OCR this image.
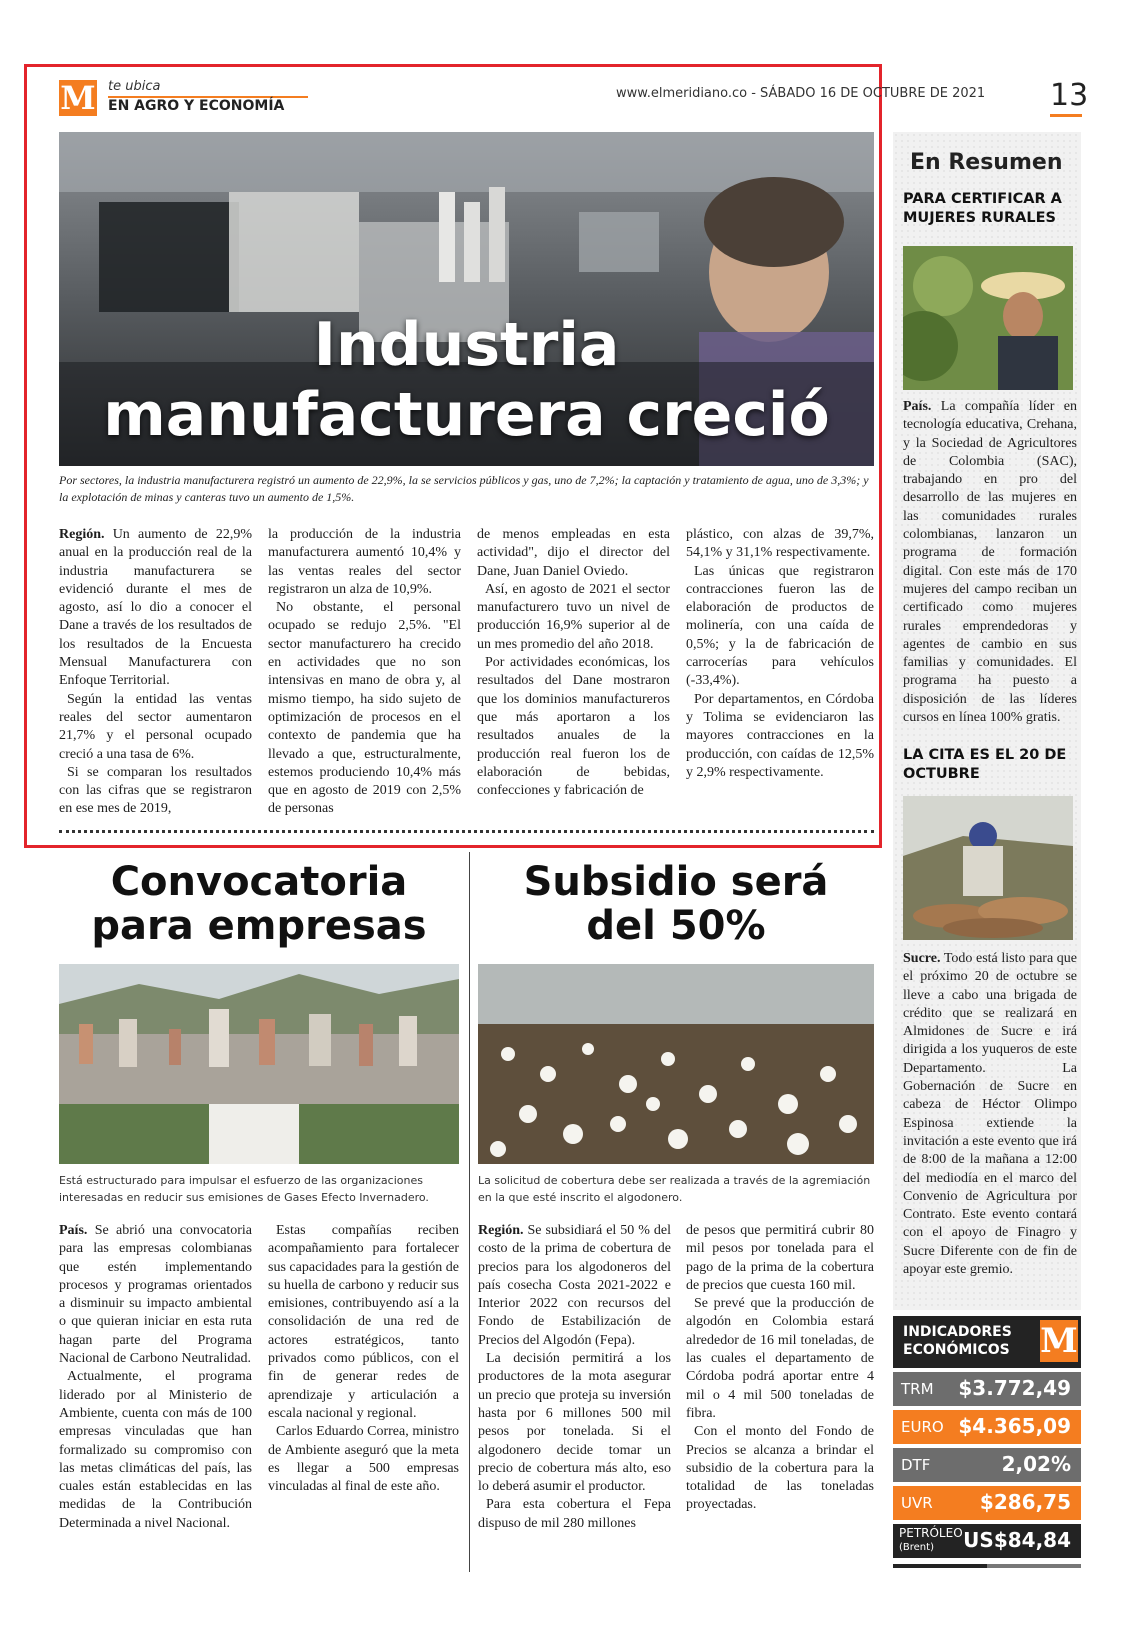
M te ubica
EN AGRO Y ECONOMÍA
www.elmeridiano.co - SÁBADO 16 DE OCTUBRE DE 2021 13
Industria
manufacturera creció
Por sectores, la industria manufacturera registró un aumento de 22,9%, la se servicios públicos y gas, uno de 7,2%; la captación y tratamiento de agua, uno de 3,3%; y la explotación de minas y canteras tuvo un aumento de 1,5%.

Región. Un aumento de 22,9% anual en la producción real de la industria manufacturera se evidenció durante el mes de agosto, así lo dio a conocer el Dane a través de los resultados de los resultados de la Encuesta Mensual Manufacturera con Enfoque Territorial.

Según la entidad las ventas reales del sector aumentaron 21,7% y el personal ocupado creció a una tasa de 6%.

Si se comparan los resultados con las cifras que se registraron en ese mes de 2019,

la producción de la industria manufacturera aumentó 10,4% y las ventas reales del sector registraron un alza de 10,9%.

No obstante, el personal ocupado se redujo 2,5%. "El sector manufacturero ha crecido en actividades que no son intensivas en mano de obra y, al mismo tiempo, ha sido sujeto de optimización de procesos en el contexto de pandemia que ha llevado a que, estructuralmente, estemos produciendo 10,4% más que en agosto de 2019 con 2,5% de personas

de menos empleadas en esta actividad", dijo el director del Dane, Juan Daniel Oviedo.

Así, en agosto de 2021 el sector manufacturero tuvo un nivel de producción 16,9% superior al de un mes promedio del año 2018.

Por actividades económicas, los resultados del Dane mostraron que los dominios manufactureros que más aportaron a los resultados anuales de la producción real fueron los de elaboración de bebidas, confecciones y fabricación de

plástico, con alzas de 39,7%, 54,1% y 31,1% respectivamente.

Las únicas que registraron contracciones fueron las de elaboración de productos de molinería, con una caída de 0,5%; y la de fabricación de carrocerías para vehículos (-33,4%).

Por departamentos, en Córdoba y Tolima se evidenciaron las mayores contracciones en la producción, con caídas de 12,5% y 2,9% respectivamente.

Convocatoria
para empresas
Está estructurado para impulsar el esfuerzo de las organizaciones interesadas en reducir sus emisiones de Gases Efecto Invernadero.

País. Se abrió una convocatoria para las empresas colombianas que estén implementando procesos y programas orientados a disminuir su impacto ambiental o que quieran iniciar en esta ruta hagan parte del Programa Nacional de Carbono Neutralidad.

Actualmente, el programa liderado por al Ministerio de Ambiente, cuenta con más de 100 empresas vinculadas que han formalizado su compromiso con las metas climáticas del país, las cuales están establecidas en las medidas de la Contribución Determinada a nivel Nacional.

Estas compañías reciben acompañamiento para fortalecer sus capacidades para la gestión de su huella de carbono y reducir sus emisiones, contribuyendo así a la consolidación de una red de actores estratégicos, tanto privados como públicos, con el fin de generar redes de aprendizaje y articulación a escala nacional y regional.

Carlos Eduardo Correa, ministro de Ambiente aseguró que la meta es llegar a 500 empresas vinculadas al final de este año.

Subsidio será
del 50%
La solicitud de cobertura debe ser realizada a través de la agremiación en la que esté inscrito el algodonero.

Región. Se subsidiará el 50 % del costo de la prima de cobertura de precios para los algodoneros del país cosecha Costa 2021-2022 e Interior 2022 con recursos del Fondo de Estabilización de Precios del Algodón (Fepa).

La decisión permitirá a los productores de la mota asegurar un precio que proteja su inversión hasta por 6 millones 500 mil pesos por tonelada. Si el algodonero decide tomar un precio de cobertura más alto, eso lo deberá asumir el productor.

Para esta cobertura el Fepa dispuso de mil 280 millones

de pesos que permitirá cubrir 80 mil pesos por tonelada para el pago de la prima de la cobertura de precios que cuesta 160 mil.

Se prevé que la producción de algodón en Colombia estará alrededor de 16 mil toneladas, de las cuales el departamento de Córdoba podrá aportar entre 4 mil o 4 mil 500 toneladas de fibra.

Con el monto del Fondo de Precios se alcanza a brindar el subsidio de la cobertura para la totalidad de las toneladas proyectadas.

En Resumen
PARA CERTIFICAR A MUJERES RURALES

País. La compañía líder en tecnología educativa, Crehana, y la Sociedad de Agricultores de Colombia (SAC), trabajando en pro del desarrollo de las mujeres en las comunidades rurales colombianas, lanzaron un programa de formación digital. Con este más de 170 mujeres del campo reciban un certificado como mujeres rurales emprendedoras y agentes de cambio en sus familias y comunidades. El programa ha puesto a disposición de las líderes cursos en línea 100% gratis.

LA CITA ES EL 20 DE OCTUBRE

Sucre. Todo está listo para que el próximo 20 de octubre se lleve a cabo una brigada de crédito que se realizará en Almidones de Sucre e irá dirigida a los yuqueros de este Departamento. La Gobernación de Sucre en cabeza de Héctor Olimpo Espinosa extiende la invitación a este evento que irá de 8:00 de la mañana a 12:00 del mediodía en el marco del Convenio de Agricultura por Contrato. Este evento contará con el apoyo de Finagro y Sucre Diferente con de fin de apoyar este gremio.

INDICADORES
ECONÓMICOS M
TRM $3.772,49
EURO $4.365,09
DTF	2,02%
UVR $286,75
PETRÓLEO
(Brent)	US$84,84
